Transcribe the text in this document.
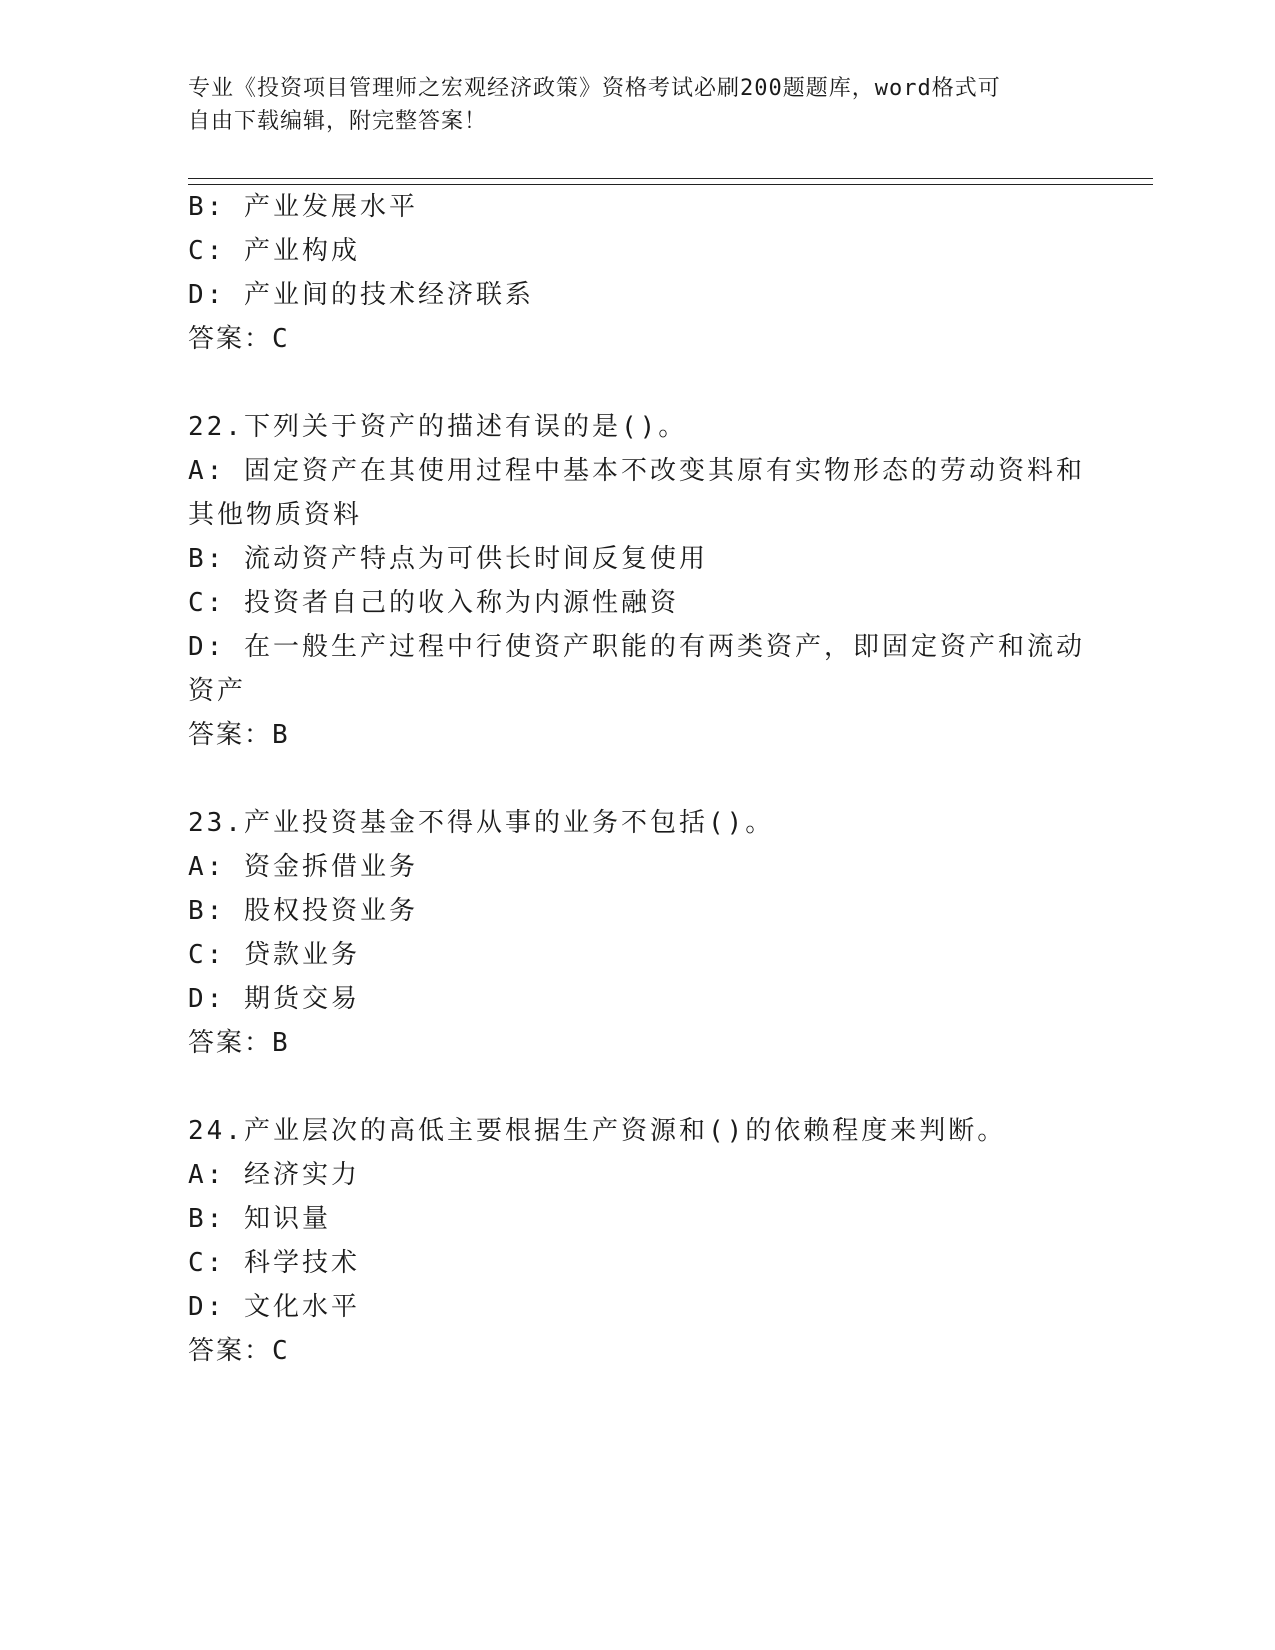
专业《投资项目管理师之宏观经济政策》资格考试必刷200题题库，word格式可
自由下载编辑，附完整答案！
B: 产业发展水平
C: 产业构成
D: 产业间的技术经济联系
答案：C
22.下列关于资产的描述有误的是()。
A: 固定资产在其使用过程中基本不改变其原有实物形态的劳动资料和
其他物质资料
B: 流动资产特点为可供长时间反复使用
C: 投资者自己的收入称为内源性融资
D: 在一般生产过程中行使资产职能的有两类资产，即固定资产和流动
资产
答案：B
23.产业投资基金不得从事的业务不包括()。
A: 资金拆借业务
B: 股权投资业务
C: 贷款业务
D: 期货交易
答案：B
24.产业层次的高低主要根据生产资源和()的依赖程度来判断。
A: 经济实力
B: 知识量
C: 科学技术
D: 文化水平
答案：C
